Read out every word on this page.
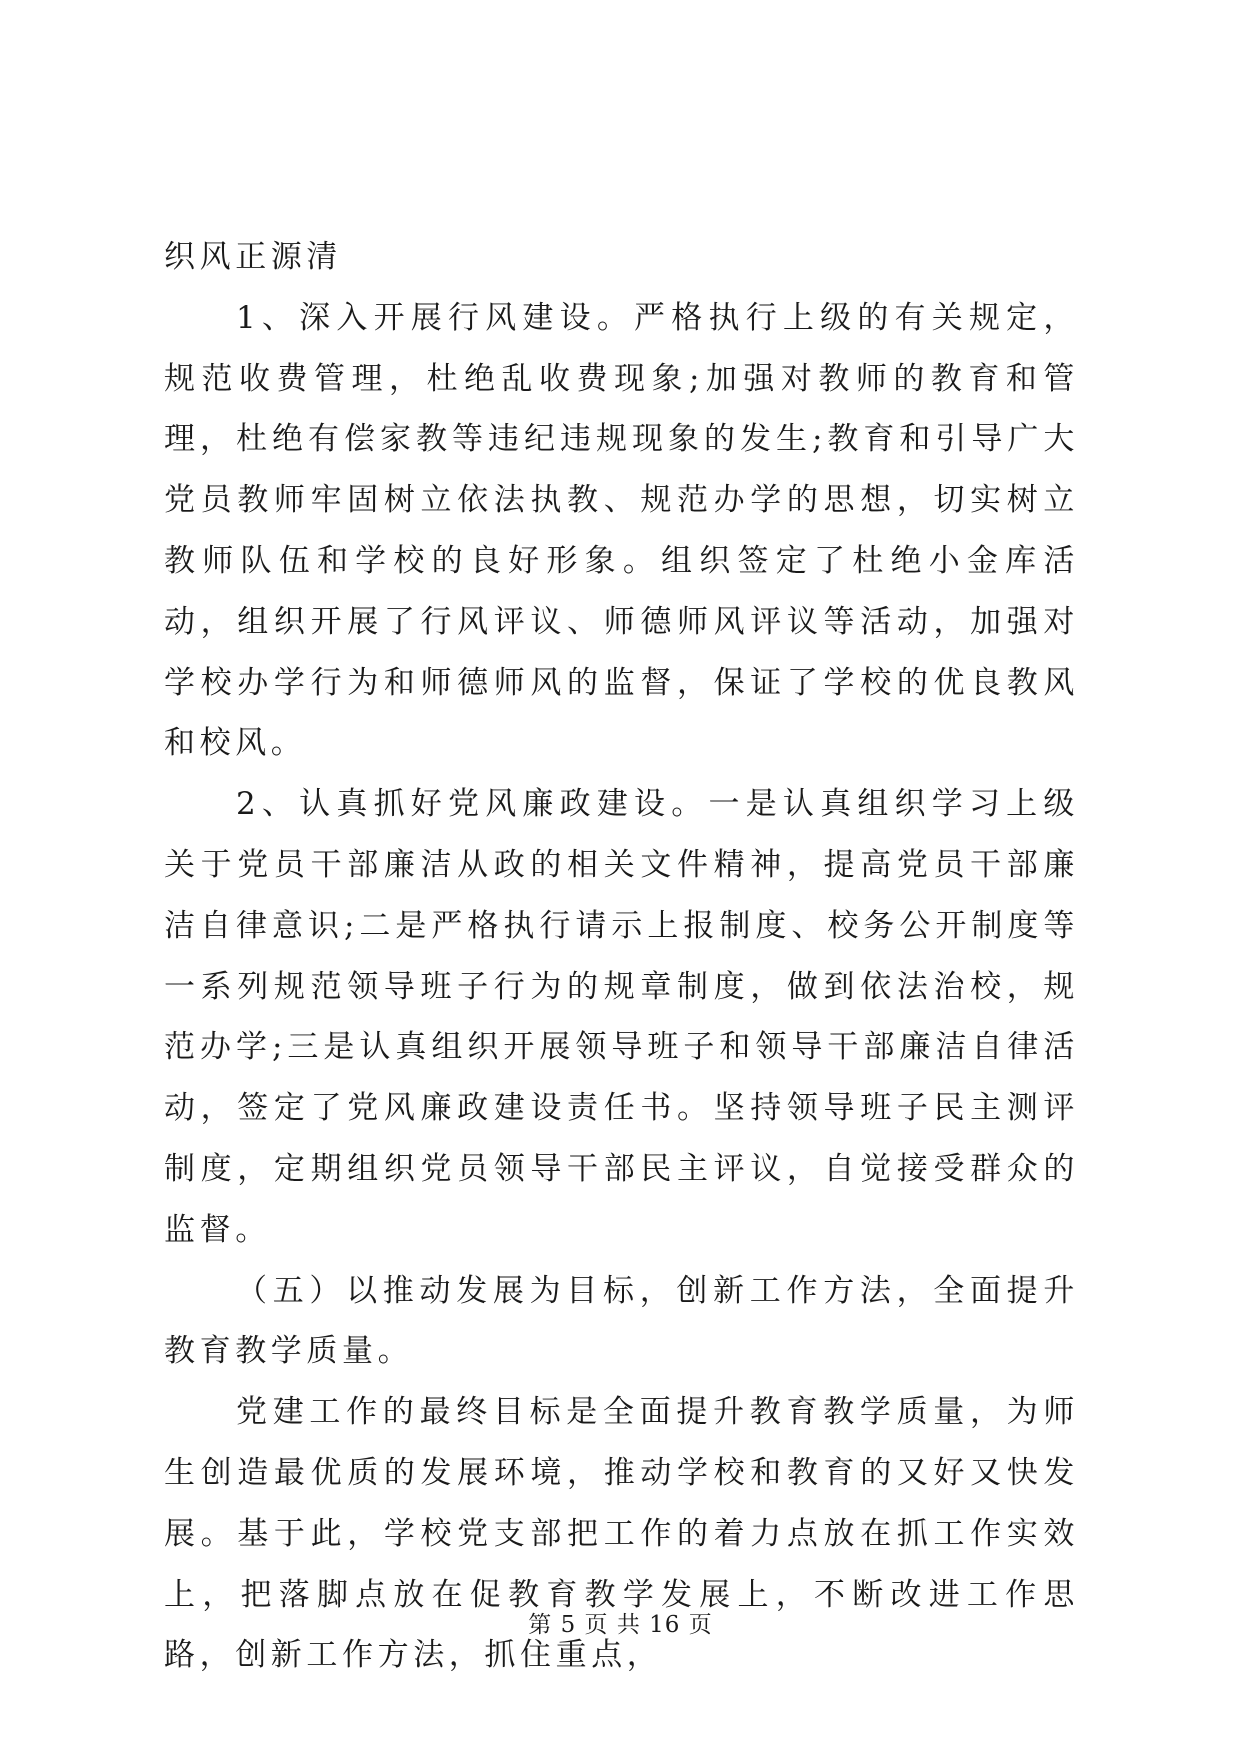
织风正源清

1、深入开展行风建设。严格执行上级的有关规定，规范收费管理，杜绝乱收费现象;加强对教师的教育和管理，杜绝有偿家教等违纪违规现象的发生;教育和引导广大党员教师牢固树立依法执教、规范办学的思想，切实树立教师队伍和学校的良好形象。组织签定了杜绝小金库活动，组织开展了行风评议、师德师风评议等活动，加强对学校办学行为和师德师风的监督，保证了学校的优良教风和校风。

2、认真抓好党风廉政建设。一是认真组织学习上级关于党员干部廉洁从政的相关文件精神，提高党员干部廉洁自律意识;二是严格执行请示上报制度、校务公开制度等一系列规范领导班子行为的规章制度，做到依法治校，规范办学;三是认真组织开展领导班子和领导干部廉洁自律活动，签定了党风廉政建设责任书。坚持领导班子民主测评制度，定期组织党员领导干部民主评议，自觉接受群众的监督。

（五）以推动发展为目标，创新工作方法，全面提升教育教学质量。

党建工作的最终目标是全面提升教育教学质量，为师生创造最优质的发展环境，推动学校和教育的又好又快发展。基于此，学校党支部把工作的着力点放在抓工作实效上，把落脚点放在促教育教学发展上，不断改进工作思路，创新工作方法，抓住重点，

第 5 页 共 16 页
